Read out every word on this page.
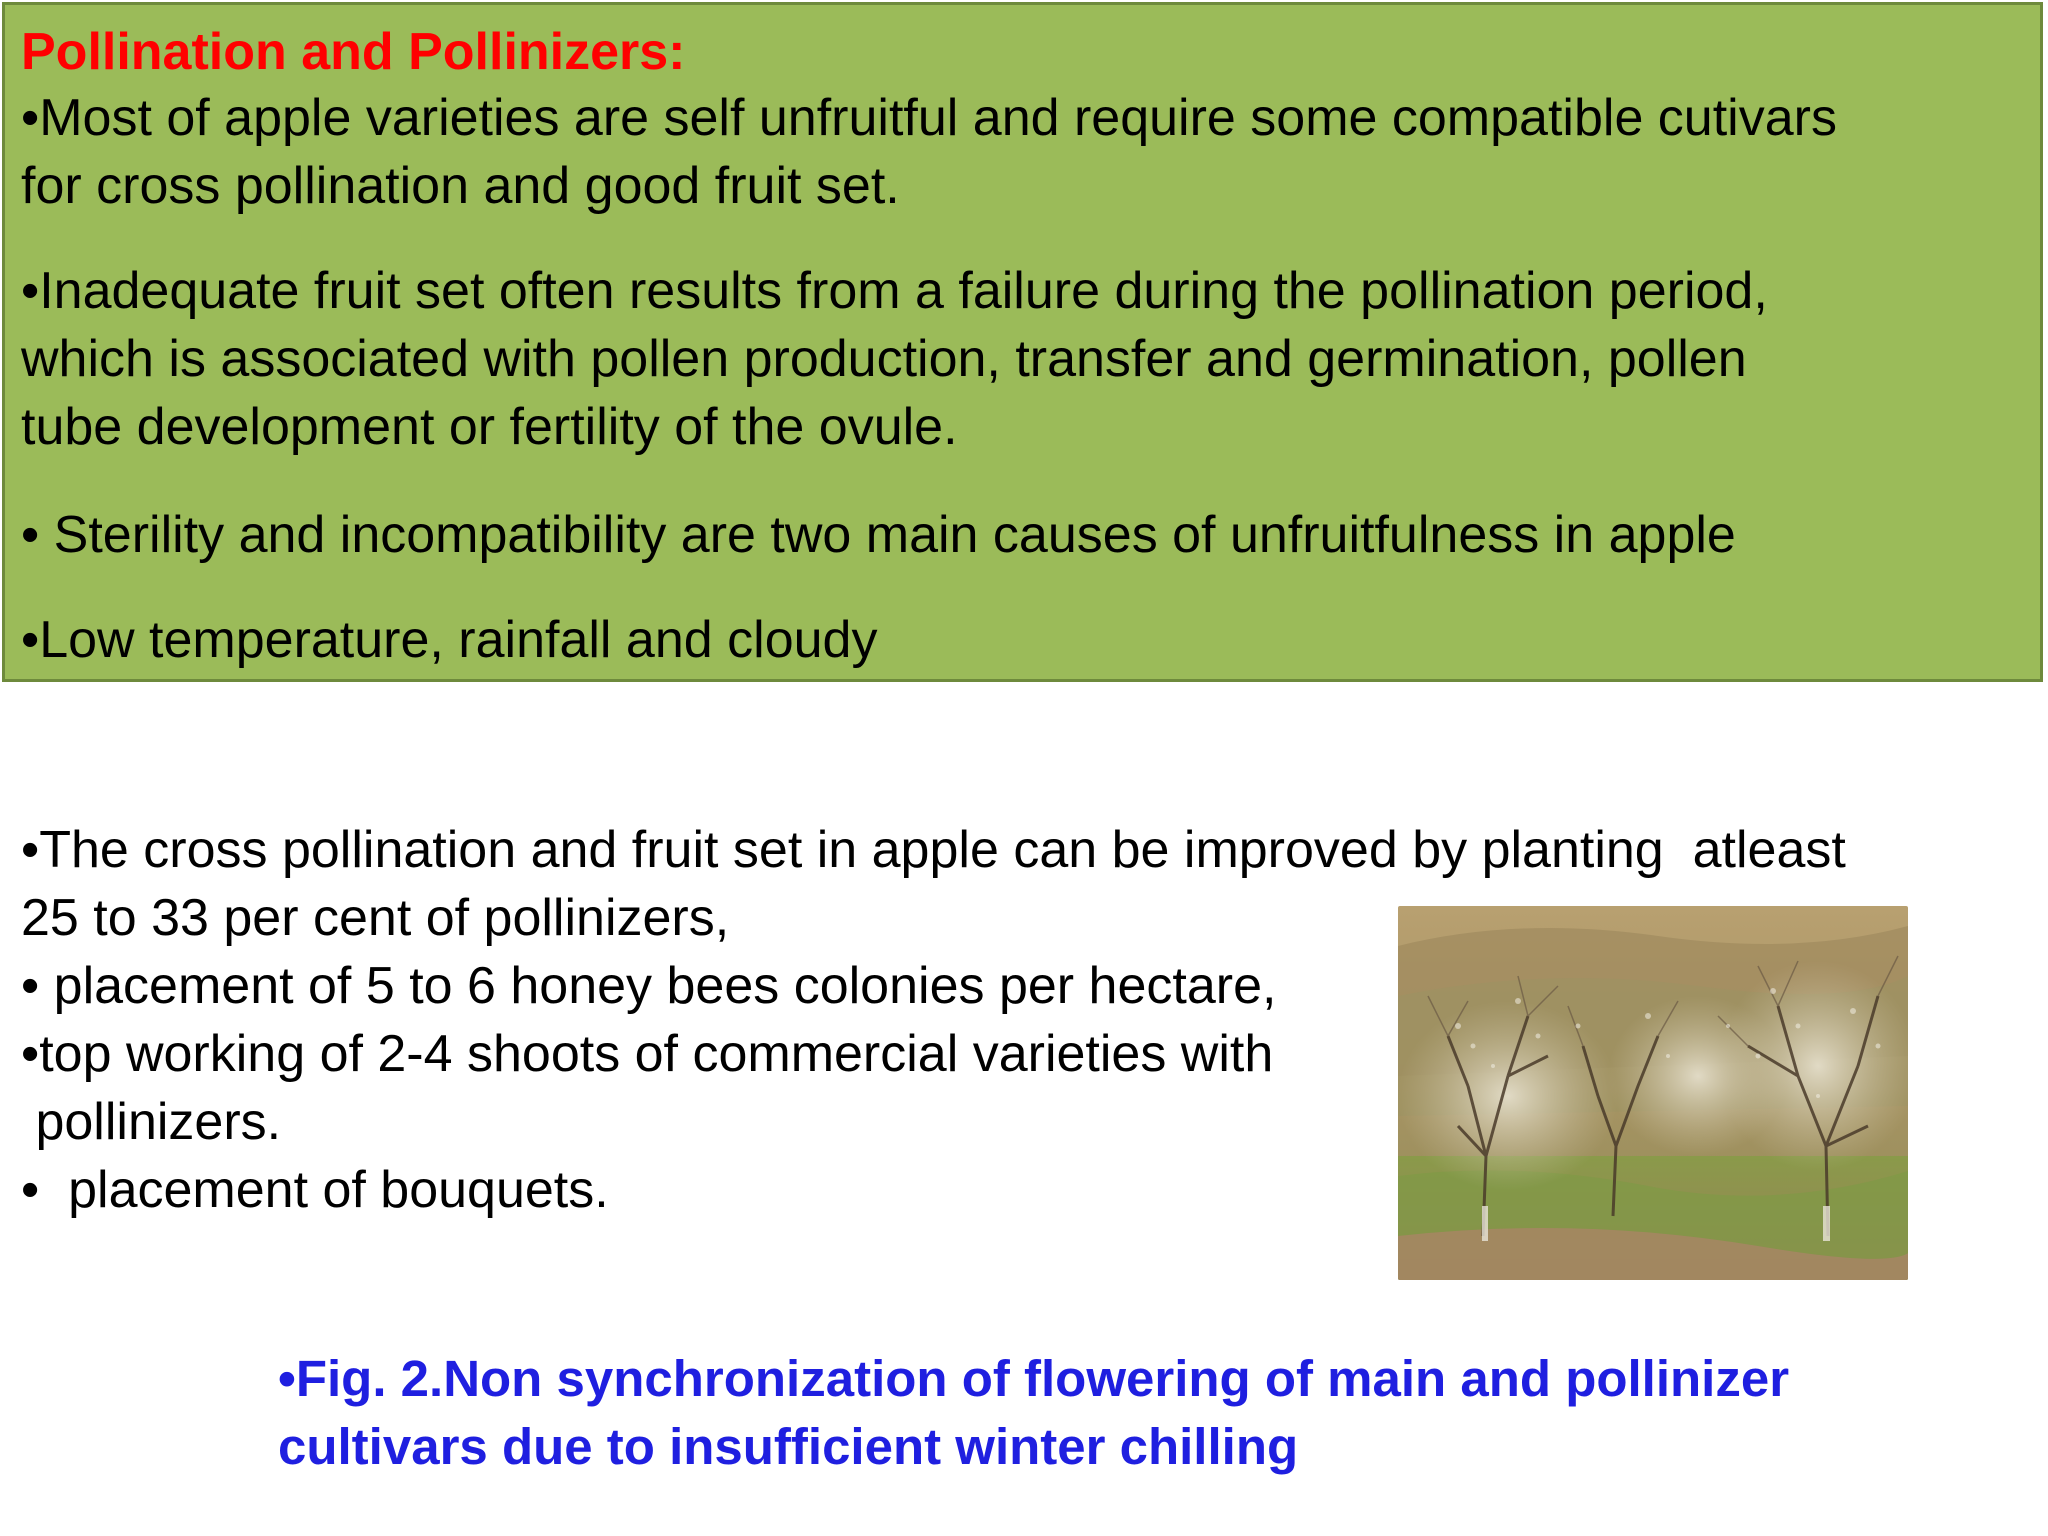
Pollination and Pollinizers:
•Most of apple varieties are self unfruitful and require some compatible cutivars
for cross pollination and good fruit set.
•Inadequate fruit set often results from a failure during the pollination period,
which is associated with pollen production, transfer and germination, pollen
tube development or fertility of the ovule.
• Sterility and incompatibility are two main causes of unfruitfulness in apple
•Low temperature, rainfall and cloudy
•The cross pollination and fruit set in apple can be improved by planting  atleast
25 to 33 per cent of pollinizers,
• placement of 5 to 6 honey bees colonies per hectare,
•top working of 2-4 shoots of commercial varieties with
pollinizers.
•  placement of bouquets.
•Fig. 2.Non synchronization of flowering of main and pollinizer
cultivars due to insufficient winter chilling
